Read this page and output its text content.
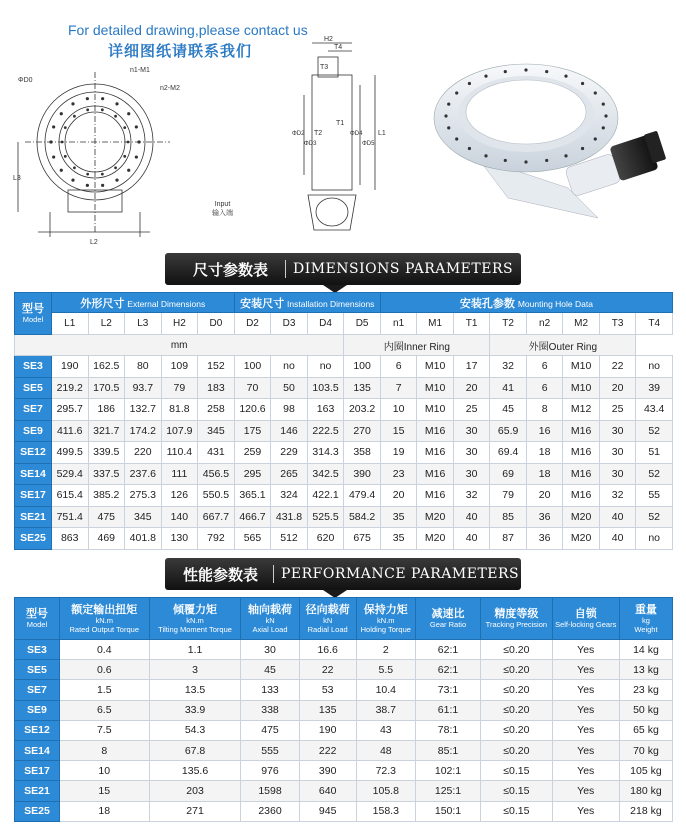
For detailed drawing,please contact us
详细图纸请联系我们
ΦD0
n1-M1
n2-M2
L3
L2
H2
T4
T3
T2
T1
ΦD2
ΦD3
ΦD4
ΦD5
L1
Input
输入端
尺寸参数表 DIMENSIONS PARAMETERS
型号
Model	外形尺寸 External Dimensions					安装尺寸 Installation Dimensions				安装孔参数 Mounting Hole Data							
	L1	L2	L3	H2	D0	D2	D3	D4	D5	n1	M1	T1	T2	n2	M2	T3	T4
mm									内圈Inner Ring				外圈Outer Ring				
SE3	190	162.5	80	109	152	100	no	no	100	6	M10	17	32	6	M10	22	no
SE5	219.2	170.5	93.7	79	183	70	50	103.5	135	7	M10	20	41	6	M10	20	39
SE7	295.7	186	132.7	81.8	258	120.6	98	163	203.2	10	M10	25	45	8	M12	25	43.4
SE9	411.6	321.7	174.2	107.9	345	175	146	222.5	270	15	M16	30	65.9	16	M16	30	52
SE12	499.5	339.5	220	110.4	431	259	229	314.3	358	19	M16	30	69.4	18	M16	30	51
SE14	529.4	337.5	237.6	111	456.5	295	265	342.5	390	23	M16	30	69	18	M16	30	52
SE17	615.4	385.2	275.3	126	550.5	365.1	324	422.1	479.4	20	M16	32	79	20	M16	32	55
SE21	751.4	475	345	140	667.7	466.7	431.8	525.5	584.2	35	M20	40	85	36	M20	40	52
SE25	863	469	401.8	130	792	565	512	620	675	35	M20	40	87	36	M20	40	no
性能参数表 PERFORMANCE PARAMETERS
型号
Model	额定输出扭矩
kN.m
Rated Output Torque	倾覆力矩
kN.m
Tilting Moment Torque	轴向载荷
kN
Axial Load	径向载荷
kN
Radial Load	保持力矩
kN.m
Holding Torque	减速比
Gear Ratio	精度等级
Tracking Precision	自锁
Self-locking Gears	重量
kg
Weight

SE3	0.4	1.1	30	16.6	2	62:1	≤0.20	Yes	14 kg
SE5	0.6	3	45	22	5.5	62:1	≤0.20	Yes	13 kg
SE7	1.5	13.5	133	53	10.4	73:1	≤0.20	Yes	23 kg
SE9	6.5	33.9	338	135	38.7	61:1	≤0.20	Yes	50 kg
SE12	7.5	54.3	475	190	43	78:1	≤0.20	Yes	65 kg
SE14	8	67.8	555	222	48	85:1	≤0.20	Yes	70 kg
SE17	10	135.6	976	390	72.3	102:1	≤0.15	Yes	105 kg
SE21	15	203	1598	640	105.8	125:1	≤0.15	Yes	180 kg
SE25	18	271	2360	945	158.3	150:1	≤0.15	Yes	218 kg
